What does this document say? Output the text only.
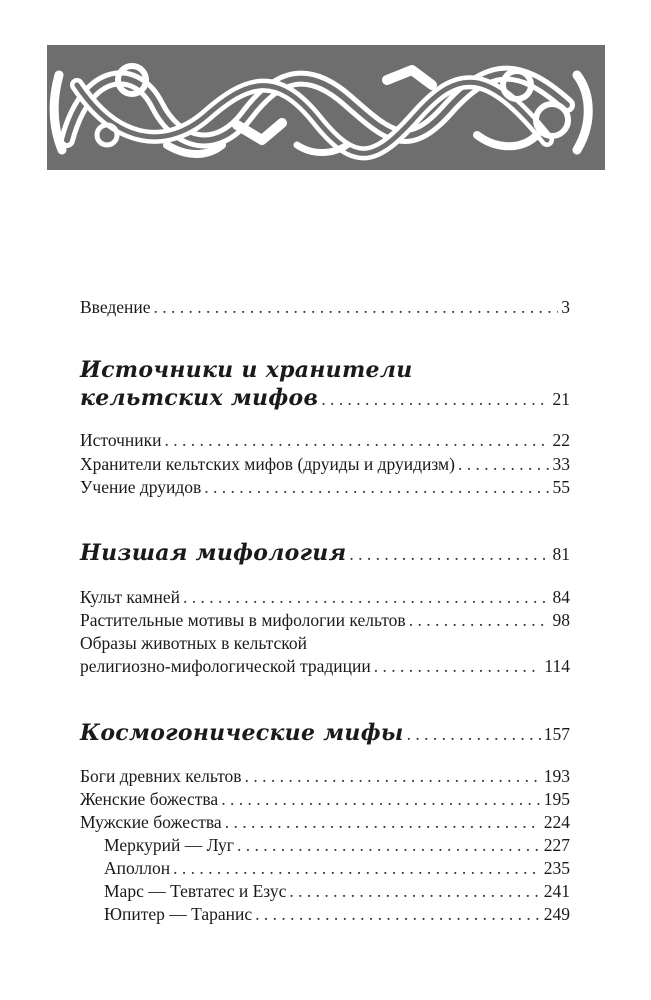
Введение . . .	3
Источники и хранители
кельтских мифов . . .	21
Источники . . .	22
Хранители кельтских мифов (друиды и друидизм) . . .	33
Учение друидов . . .	55
Низшая мифология . . .	81
Культ камней . . .	84
Растительные мотивы в мифологии кельтов . . .	98
Образы животных в кельтской
религиозно-мифологической традиции . . .	114
Космогонические мифы . . .	157
Боги древних кельтов . . .	193
Женские божества . . .	195
Мужские божества . . .	224
Меркурий — Луг . . .	227
Аполлон . . .	235
Марс — Тевтатес и Езус . . .	241
Юпитер — Таранис . . .	249
